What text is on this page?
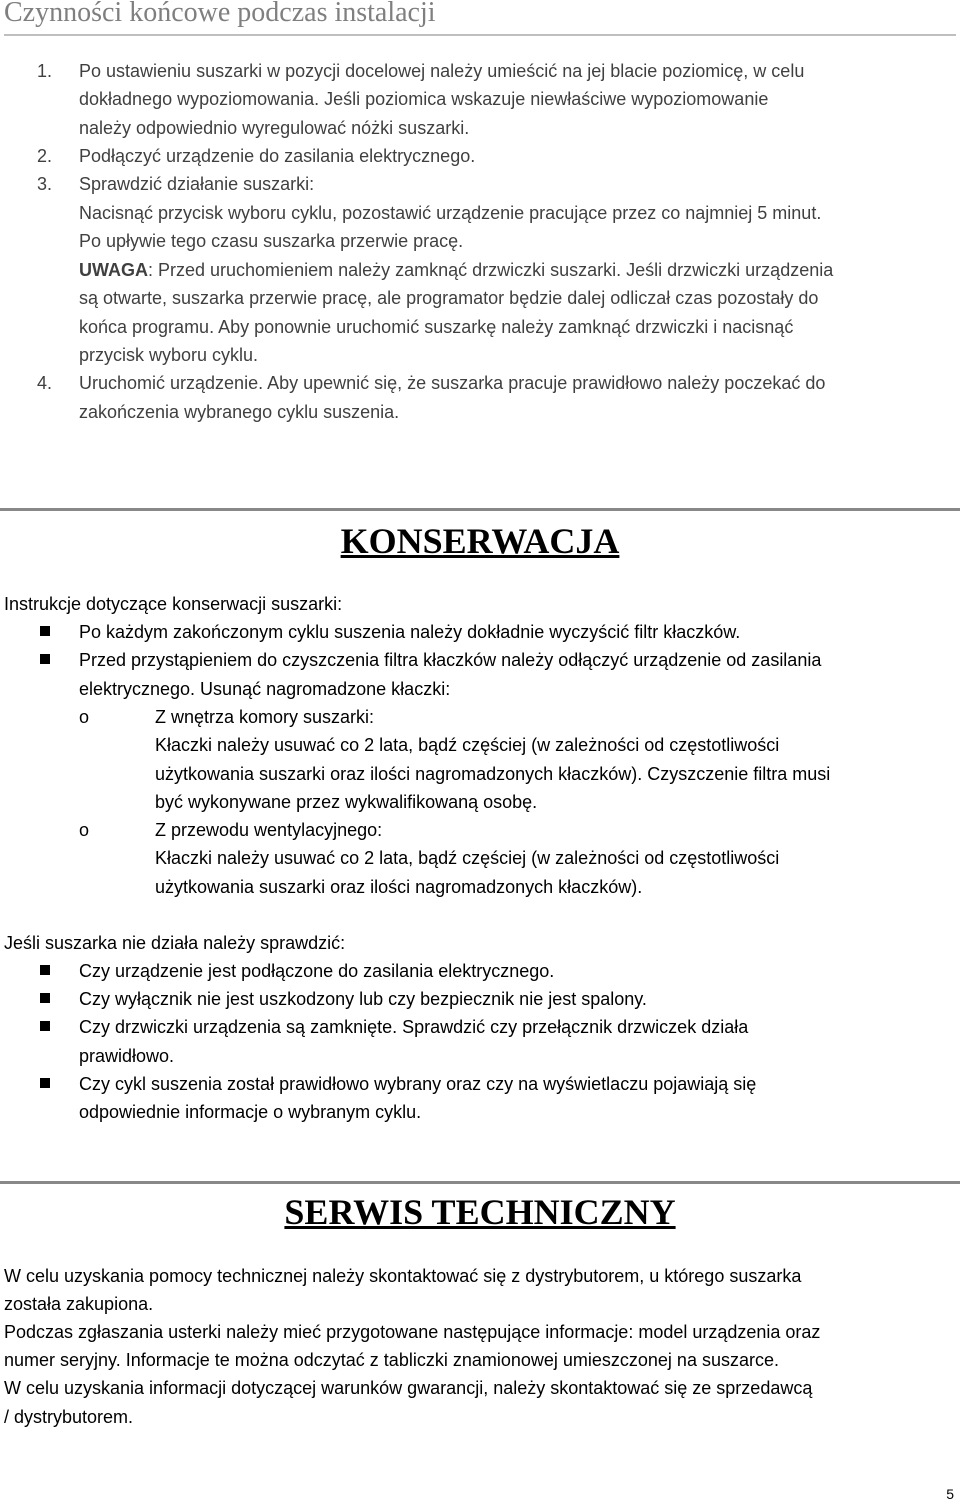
Czynności końcowe podczas instalacji
1.	Po ustawieniu suszarki w pozycji docelowej należy umieścić na jej blacie poziomicę, w celu
dokładnego wypoziomowania. Jeśli poziomica wskazuje niewłaściwe wypoziomowanie
należy odpowiednio wyregulować nóżki suszarki.
2.	Podłączyć urządzenie do zasilania elektrycznego.
3.	Sprawdzić działanie suszarki:
Nacisnąć przycisk wyboru cyklu, pozostawić urządzenie pracujące przez co najmniej 5 minut.
Po upływie tego czasu suszarka przerwie pracę.
UWAGA: Przed uruchomieniem należy zamknąć drzwiczki suszarki. Jeśli drzwiczki urządzenia
są otwarte, suszarka przerwie pracę, ale programator będzie dalej odliczał czas pozostały do
końca programu. Aby ponownie uruchomić suszarkę należy zamknąć drzwiczki i nacisnąć
przycisk wyboru cyklu.
4.	Uruchomić urządzenie. Aby upewnić się, że suszarka pracuje prawidłowo należy poczekać do
zakończenia wybranego cyklu suszenia.
KONSERWACJA
Instrukcje dotyczące konserwacji suszarki:
Po każdym zakończonym cyklu suszenia należy dokładnie wyczyścić filtr kłaczków.
Przed przystąpieniem do czyszczenia filtra kłaczków należy odłączyć urządzenie od zasilania
elektrycznego. Usunąć nagromadzone kłaczki:
o	Z wnętrza komory suszarki:
Kłaczki należy usuwać co 2 lata, bądź częściej (w zależności od częstotliwości
użytkowania suszarki oraz ilości nagromadzonych kłaczków). Czyszczenie filtra musi
być wykonywane przez wykwalifikowaną osobę.
o	Z przewodu wentylacyjnego:
Kłaczki należy usuwać co 2 lata, bądź częściej (w zależności od częstotliwości
użytkowania suszarki oraz ilości nagromadzonych kłaczków).
Jeśli suszarka nie działa należy sprawdzić:
Czy urządzenie jest podłączone do zasilania elektrycznego.
Czy wyłącznik nie jest uszkodzony lub czy bezpiecznik nie jest spalony.
Czy drzwiczki urządzenia są zamknięte. Sprawdzić czy przełącznik drzwiczek działa
prawidłowo.
Czy cykl suszenia został prawidłowo wybrany oraz czy na wyświetlaczu pojawiają się
odpowiednie informacje o wybranym cyklu.
SERWIS TECHNICZNY
W celu uzyskania pomocy technicznej należy skontaktować się z dystrybutorem, u którego suszarka
została zakupiona.
Podczas zgłaszania usterki należy mieć przygotowane następujące informacje: model urządzenia oraz
numer seryjny. Informacje te można odczytać z tabliczki znamionowej umieszczonej na suszarce.
W celu uzyskania informacji dotyczącej warunków gwarancji, należy skontaktować się ze sprzedawcą
/ dystrybutorem.
5
